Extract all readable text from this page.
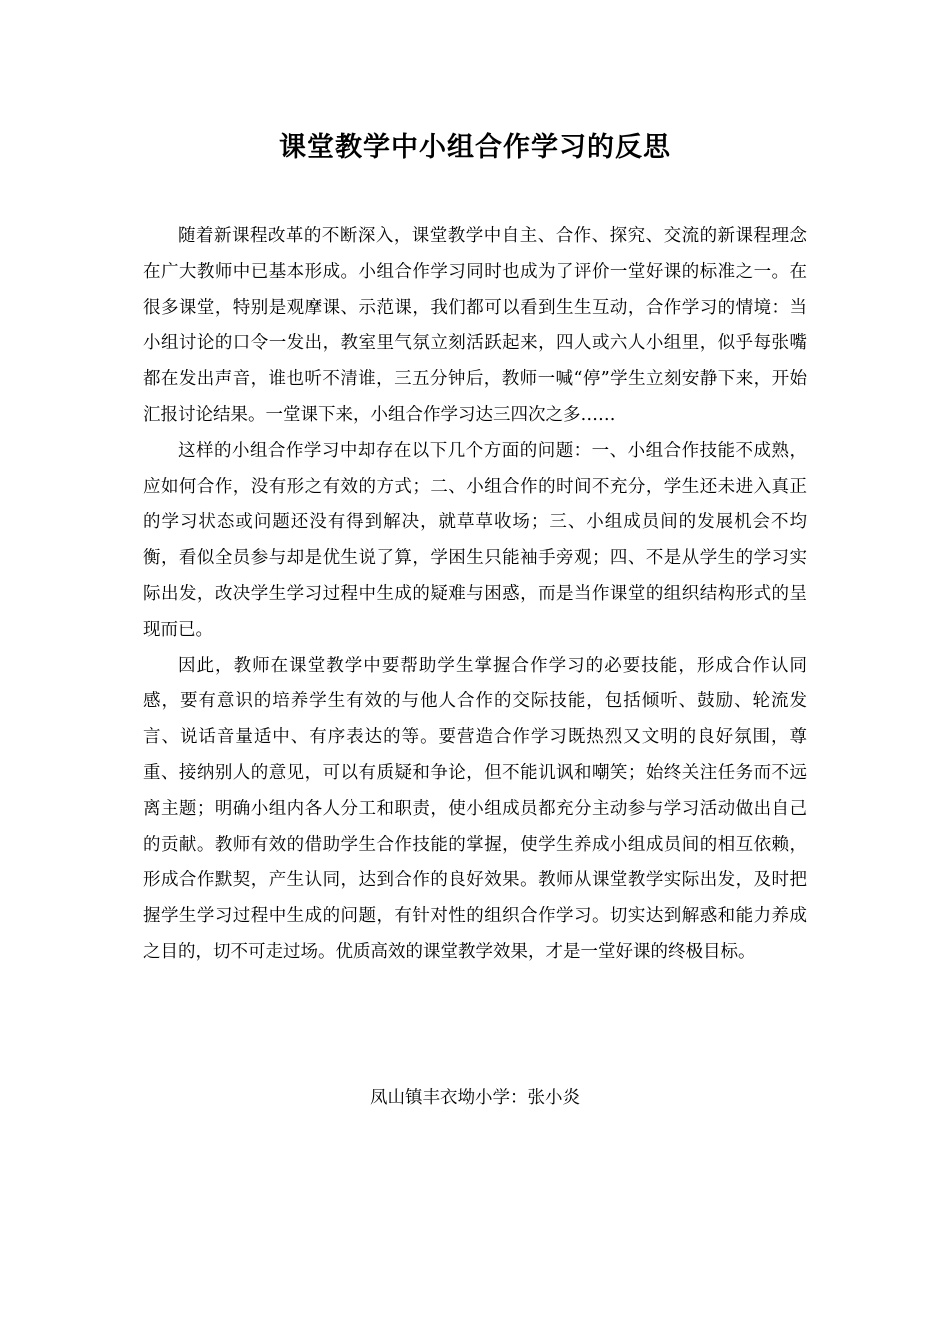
课堂教学中小组合作学习的反思

随着新课程改革的不断深入，课堂教学中自主、合作、探究、交流的新课程理念在广大教师中已基本形成。小组合作学习同时也成为了评价一堂好课的标准之一。在很多课堂，特别是观摩课、示范课，我们都可以看到生生互动，合作学习的情境：当小组讨论的口令一发出，教室里气氛立刻活跃起来，四人或六人小组里，似乎每张嘴都在发出声音，谁也听不清谁，三五分钟后，教师一喊“停”学生立刻安静下来，开始汇报讨论结果。一堂课下来，小组合作学习达三四次之多……

这样的小组合作学习中却存在以下几个方面的问题：一、小组合作技能不成熟，应如何合作，没有形之有效的方式；二、小组合作的时间不充分，学生还未进入真正的学习状态或问题还没有得到解决，就草草收场；三、小组成员间的发展机会不均衡，看似全员参与却是优生说了算，学困生只能袖手旁观；四、不是从学生的学习实际出发，改决学生学习过程中生成的疑难与困惑，而是当作课堂的组织结构形式的呈现而已。

因此，教师在课堂教学中要帮助学生掌握合作学习的必要技能，形成合作认同感，要有意识的培养学生有效的与他人合作的交际技能，包括倾听、鼓励、轮流发言、说话音量适中、有序表达的等。要营造合作学习既热烈又文明的良好氛围，尊重、接纳别人的意见，可以有质疑和争论，但不能讥讽和嘲笑；始终关注任务而不远离主题；明确小组内各人分工和职责，使小组成员都充分主动参与学习活动做出自己的贡献。教师有效的借助学生合作技能的掌握，使学生养成小组成员间的相互依赖，形成合作默契，产生认同，达到合作的良好效果。教师从课堂教学实际出发，及时把握学生学习过程中生成的问题，有针对性的组织合作学习。切实达到解惑和能力养成之目的，切不可走过场。优质高效的课堂教学效果，才是一堂好课的终极目标。

凤山镇丰衣坳小学：张小炎
